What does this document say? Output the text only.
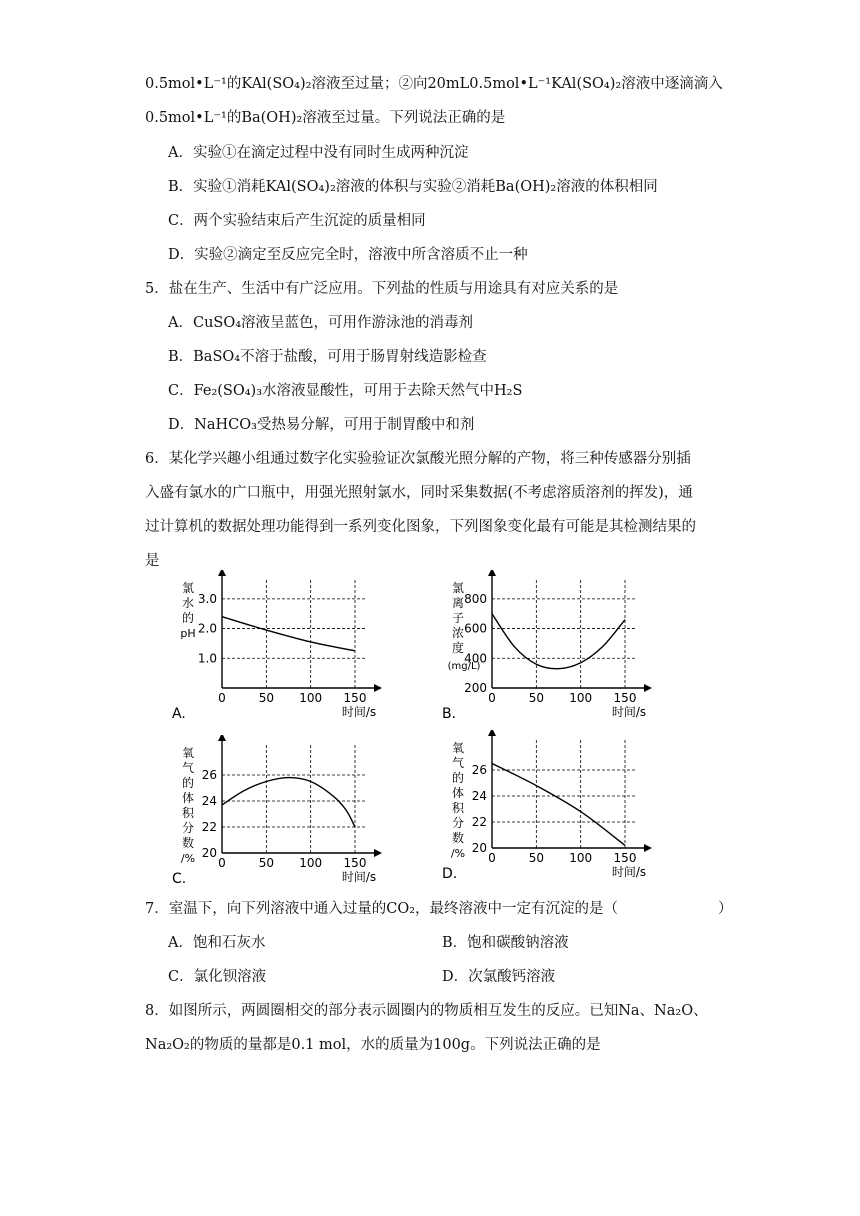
0.5mol•L⁻¹的KAl(SO₄)₂溶液至过量；②向20mL0.5mol•L⁻¹KAl(SO₄)₂溶液中逐滴滴入
0.5mol•L⁻¹的Ba(OH)₂溶液至过量。下列说法正确的是
A．实验①在滴定过程中没有同时生成两种沉淀
B．实验①消耗KAl(SO₄)₂溶液的体积与实验②消耗Ba(OH)₂溶液的体积相同
C．两个实验结束后产生沉淀的质量相同
D．实验②滴定至反应完全时，溶液中所含溶质不止一种
5．盐在生产、生活中有广泛应用。下列盐的性质与用途具有对应关系的是
A．CuSO₄溶液呈蓝色，可用作游泳池的消毒剂
B．BaSO₄不溶于盐酸，可用于肠胃射线造影检查
C．Fe₂(SO₄)₃水溶液显酸性，可用于去除天然气中H₂S
D．NaHCO₃受热易分解，可用于制胃酸中和剂
6．某化学兴趣小组通过数字化实验验证次氯酸光照分解的产物，将三种传感器分别插
入盛有氯水的广口瓶中，用强光照射氯水，同时采集数据(不考虑溶质溶剂的挥发)，通
过计算机的数据处理功能得到一系列变化图象，下列图象变化最有可能是其检测结果的
是
氯
水
的
pH
0	50 100 150
1.0
2.0
3.0
时间/s
A.
氯
离
子
浓
度
(mg/L)
0	50 100 150
200
400
600
800
时间/s
B.
氧
气
的
体
积
分
数
/% 0	50 100 150
20
22
24
26
时间/s
C.
氧
气
的
体
积
分
数
/% 0	50 100 150
20
22
24
26
时间/s
D.
7．室温下，向下列溶液中通入过量的CO₂，最终溶液中一定有沉淀的是（	）
A．饱和石灰水	B．饱和碳酸钠溶液
C．氯化钡溶液	D．次氯酸钙溶液
8．如图所示，两圆圈相交的部分表示圆圈内的物质相互发生的反应。已知Na、Na₂O、
Na₂O₂的物质的量都是0.1 mol，水的质量为100g。下列说法正确的是
